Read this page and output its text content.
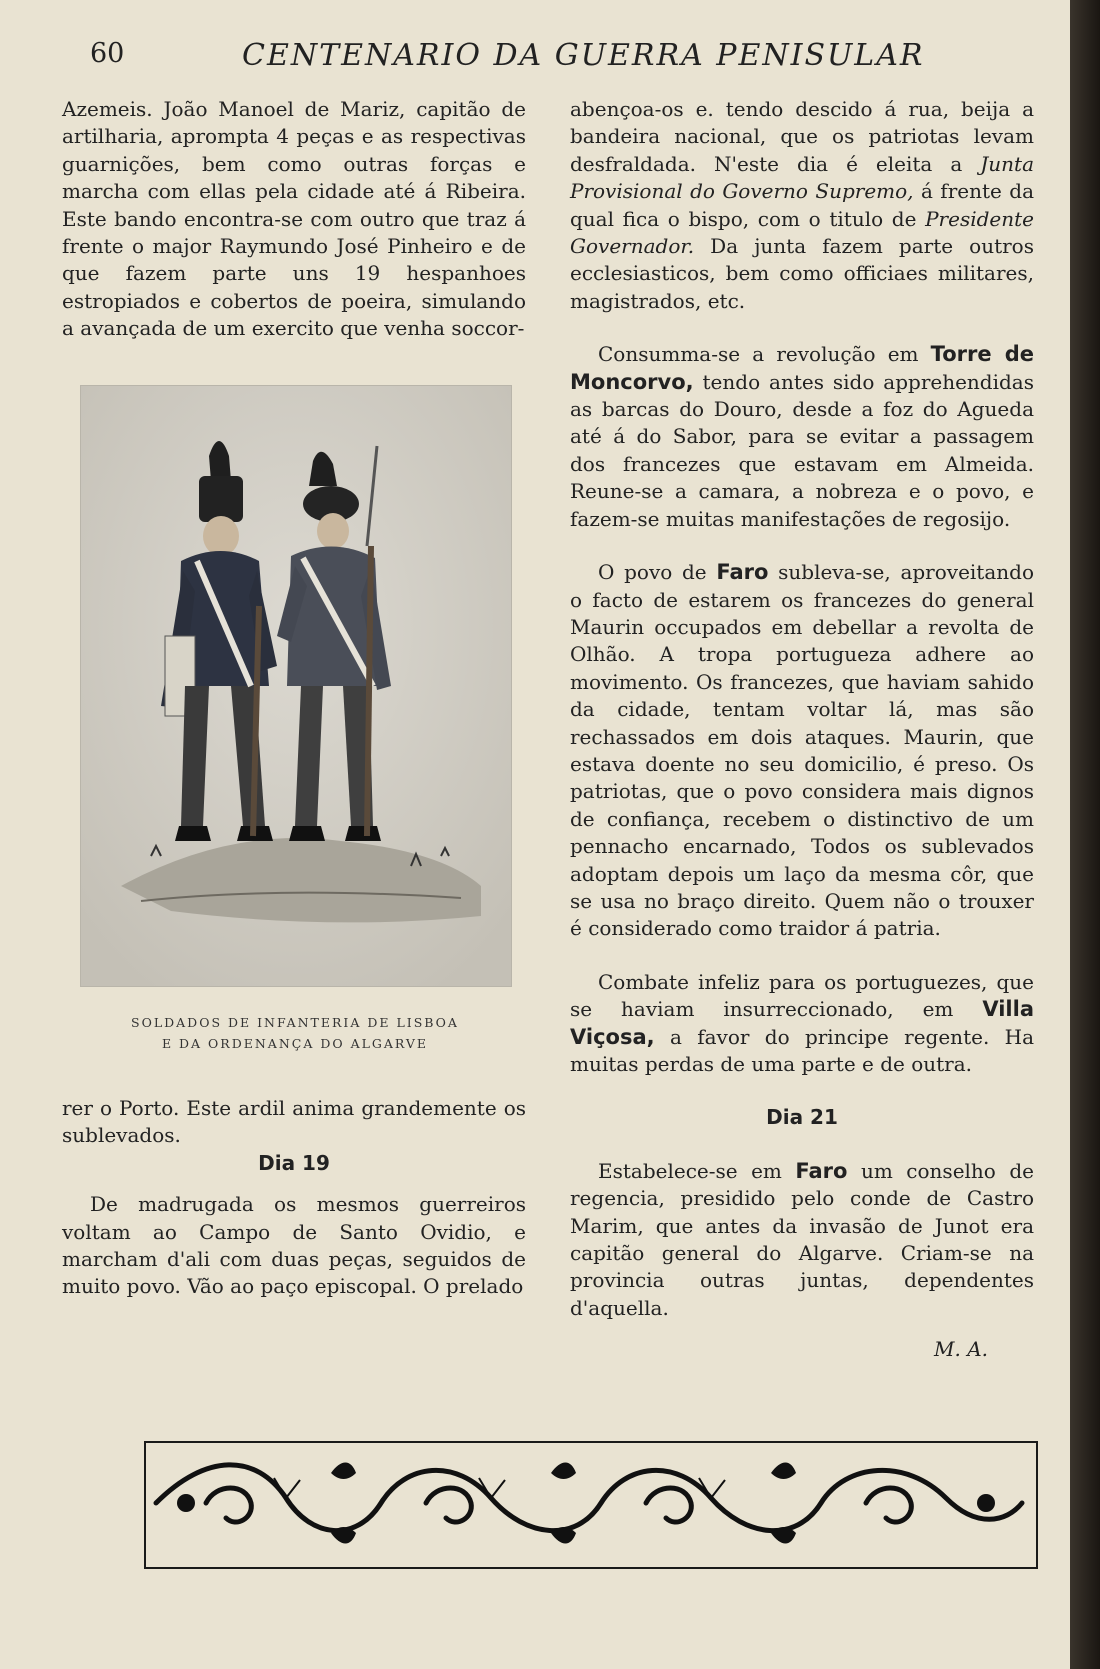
60	CENTENARIO DA GUERRA PENISULAR

Azemeis. João Manoel de Mariz, capitão de artilharia, aprompta 4 peças e as respectivas guarnições, bem como outras forças e marcha com ellas pela cidade até á Ribeira. Este bando encontra-se com outro que traz á frente o major Raymundo José Pinheiro e de que fazem parte uns 19 hespanhoes estropiados e cobertos de poeira, simulando a avançada de um exercito que venha soccor-

SOLDADOS DE INFANTERIA DE LISBOA
E DA ORDENANÇA DO ALGARVE

rer o Porto. Este ardil anima grandemente os sublevados.

Dia 19

De madrugada os mesmos guerreiros voltam ao Campo de Santo Ovidio, e marcham d'ali com duas peças, seguidos de muito povo. Vão ao paço episcopal. O prelado

abençoa-os e. tendo descido á rua, beija a bandeira nacional, que os patriotas levam desfraldada. N'este dia é eleita a Junta Provisional do Governo Supremo, á frente da qual fica o bispo, com o titulo de Presidente Governador. Da junta fazem parte outros ecclesiasticos, bem como officiaes militares, magistrados, etc.

Consumma-se a revolução em Torre de Moncorvo, tendo antes sido apprehendidas as barcas do Douro, desde a foz do Agueda até á do Sabor, para se evitar a passagem dos francezes que estavam em Almeida. Reune-se a camara, a nobreza e o povo, e fazem-se muitas manifestações de regosijo.

O povo de Faro subleva-se, aproveitando o facto de estarem os francezes do general Maurin occupados em debellar a revolta de Olhão. A tropa portugueza adhere ao movimento. Os francezes, que haviam sahido da cidade, tentam voltar lá, mas são rechassados em dois ataques. Maurin, que estava doente no seu domicilio, é preso. Os patriotas, que o povo considera mais dignos de confiança, recebem o distinctivo de um pennacho encarnado, Todos os sublevados adoptam depois um laço da mesma côr, que se usa no braço direito. Quem não o trouxer é considerado como traidor á patria.

Combate infeliz para os portuguezes, que se haviam insurreccionado, em Villa Viçosa, a favor do principe regente. Ha muitas perdas de uma parte e de outra.

Dia 21

Estabelece-se em Faro um conselho de regencia, presidido pelo conde de Castro Marim, que antes da invasão de Junot era capitão general do Algarve. Criam-se na provincia outras juntas, dependentes d'aquella.

M. A.
